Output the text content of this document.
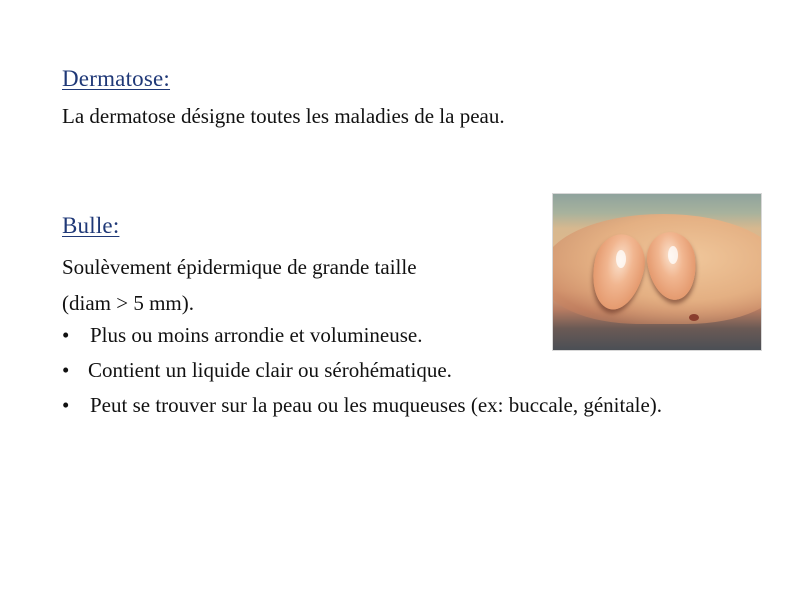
Dermatose:
La dermatose désigne toutes les maladies de la peau.
Bulle:
Soulèvement épidermique de grande taille
(diam > 5 mm).
• Plus ou moins arrondie et volumineuse.
• Contient un liquide clair ou sérohématique.
• Peut se trouver sur la peau ou les muqueuses (ex: buccale, génitale).
